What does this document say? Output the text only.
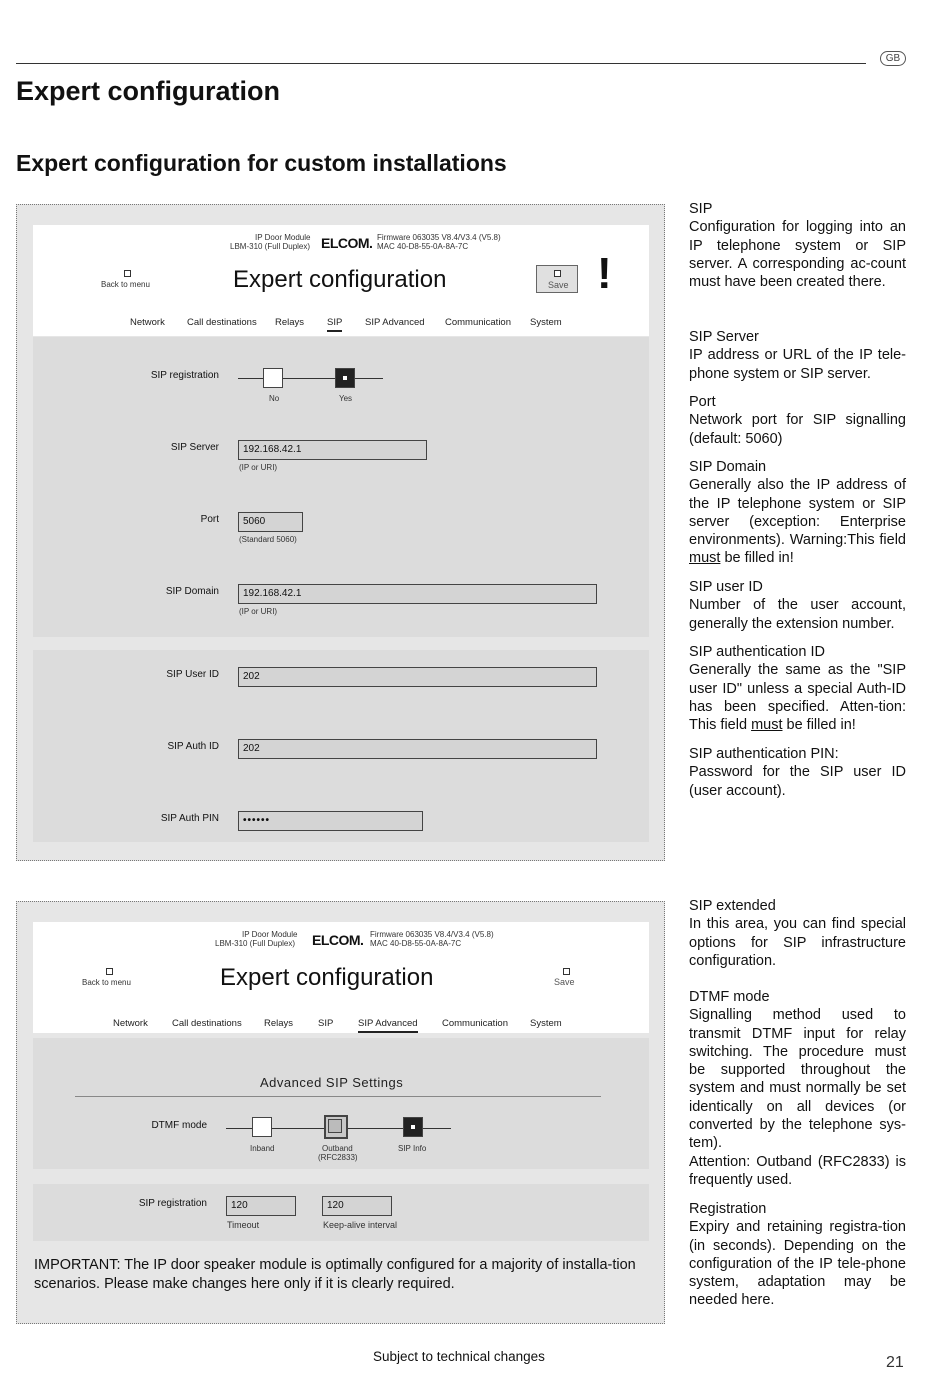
GB
Expert configuration
Expert configuration for custom installations
IP Door Module
LBM-310 (Full Duplex) ELCOM. Firmware 063035 V8.4/V3.4 (V5.8)
MAC 40-D8-55-0A-8A-7C
Back to menu	Expert configuration	Save !
Network Call destinations Relays SIP SIP Advanced Communication System
SIP registration
No	Yes
SIP Server	192.168.42.1
(IP or URI)
Port	5060
(Standard 5060)
SIP Domain	192.168.42.1
(IP or URI)
SIP User ID	202
SIP Auth ID	202
SIP Auth PIN	••••••
IP Door Module
LBM-310 (Full Duplex) ELCOM. Firmware 063035 V8.4/V3.4 (V5.8)
MAC 40-D8-55-0A-8A-7C
Back to menu	Expert configuration	Save
Network	Call destinations Relays	SIP	SIP Advanced	Communication System
Advanced SIP Settings
DTMF mode
Inband	Outband
(RFC2833)
SIP Info
SIP registration	120
Timeout
120
Keep-alive interval
IMPORTANT: The IP door speaker module is optimally configured for a majority of installa-tion scenarios. Please make changes here only if it is clearly required.
SIP
Configuration for logging into an IP telephone system or SIP server. A corresponding ac-count must have been created there.
SIP Server
IP address or URL of the IP tele-phone system or SIP server.
Port
Network port for SIP signalling (default: 5060)
SIP Domain
Generally also the IP address of the IP telephone system or SIP server (exception: Enterprise environments). Warning:This field must be filled in!
SIP user ID
Number of the user account, generally the extension number.
SIP authentication ID
Generally the same as the "SIP user ID" unless a special Auth-ID has been specified. Atten-tion: This field must be filled in!
SIP authentication PIN:
Password for the SIP user ID (user account).
SIP extended
In this area, you can find special options for SIP infrastructure configuration.
DTMF mode
Signalling method used to transmit DTMF input for relay switching. The procedure must be supported throughout the system and must normally be set identically on all devices (or converted by the telephone sys-tem).
Attention: Outband (RFC2833) is frequently used.
Registration
Expiry and retaining registra-tion (in seconds). Depending on the configuration of the IP tele-phone system, adaptation may be needed here.
Subject to technical changes	21
